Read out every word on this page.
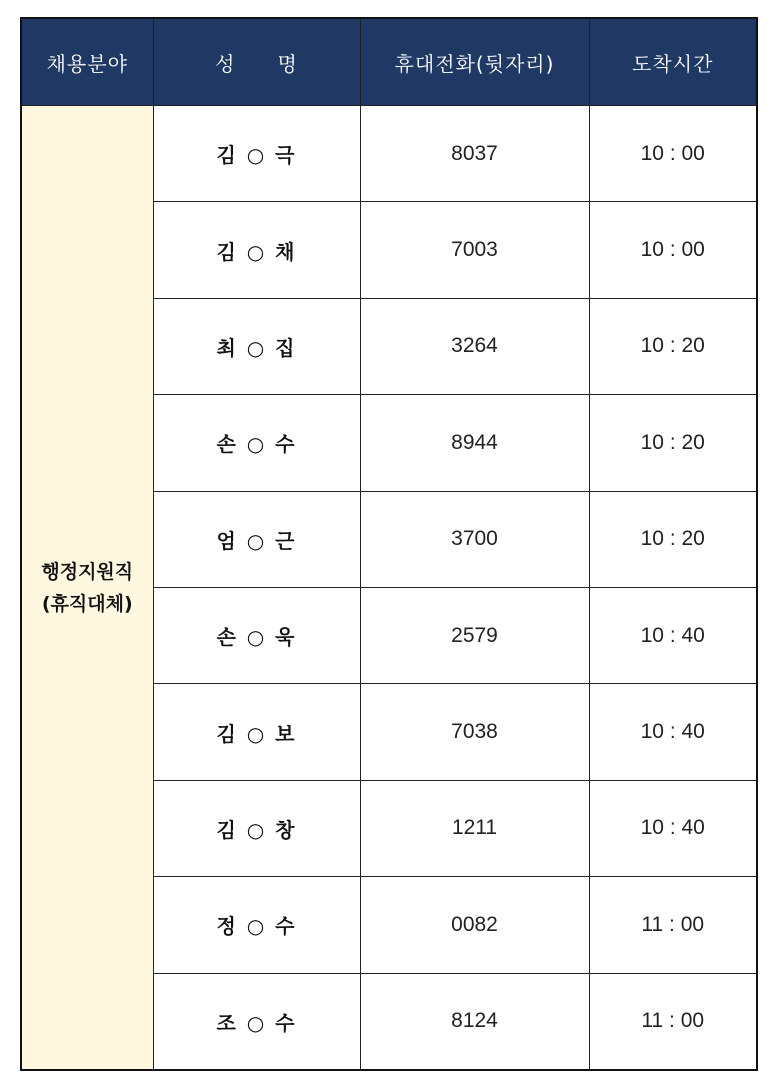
채용분야	성　　명	휴대전화(뒷자리)	도착시간

행정지원직
(휴직대체)	김 ○ 극	8037	10 : 00
	김 ○ 채	7003	10 : 00
	최 ○ 집	3264	10 : 20
	손 ○ 수	8944	10 : 20
	엄 ○ 근	3700	10 : 20
	손 ○ 욱	2579	10 : 40
	김 ○ 보	7038	10 : 40
	김 ○ 창	1211	10 : 40
	정 ○ 수	0082	11 : 00
	조 ○ 수	8124	11 : 00
